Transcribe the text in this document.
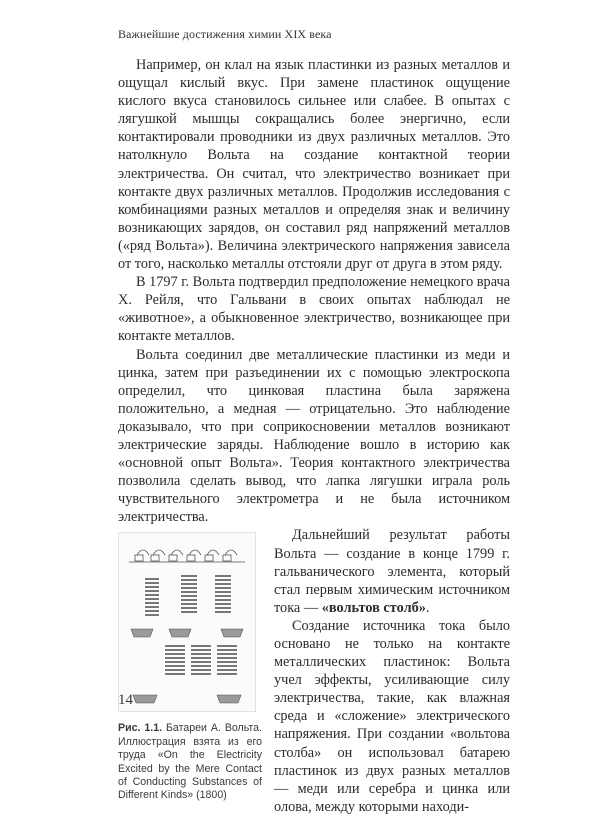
Важнейшие достижения химии XIX века

Например, он клал на язык пластинки из разных металлов и ощущал кислый вкус. При замене пластинок ощущение кислого вкуса становилось сильнее или слабее. В опытах с лягушкой мышцы сокращались более энергично, если контактировали проводники из двух различных металлов. Это натолкнуло Вольта на создание контактной теории электричества. Он считал, что электричество возникает при контакте двух различных металлов. Продолжив исследования с комбинациями разных металлов и определяя знак и величину возникающих зарядов, он составил ряд напряжений металлов («ряд Вольта»). Величина электрического напряжения зависела от того, насколько металлы отстояли друг от друга в этом ряду.

В 1797 г. Вольта подтвердил предположение немецкого врача Х. Рейля, что Гальвани в своих опытах наблюдал не «животное», а обыкновенное электричество, возникающее при контакте металлов.

Вольта соединил две металлические пластинки из меди и цинка, затем при разъединении их с помощью электроскопа определил, что цинковая пластина была заряжена положительно, а медная — отрицательно. Это наблюдение доказывало, что при соприкосновении металлов возникают электрические заряды. Наблюдение вошло в историю как «основной опыт Вольта». Теория контактного электричества позволила сделать вывод, что лапка лягушки играла роль чувствительного электрометра и не была источником электричества.

Рис. 1.1. Батареи А. Вольта. Иллюстрация взята из его труда «On the Electricity Excited by the Mere Contact of Conducting Substances of Different Kinds» (1800)

Дальнейший результат работы Вольта — создание в конце 1799 г. гальванического элемента, который стал первым химическим источником тока — «вольтов столб».

Создание источника тока было основано не только на контакте металлических пластинок: Вольта учел эффекты, усиливающие силу электричества, такие, как влажная среда и «сложение» электрического напряжения. При создании «вольтова столба» он использовал батарею пластинок из двух разных металлов — меди или серебра и цинка или олова, между которыми находи-

14
